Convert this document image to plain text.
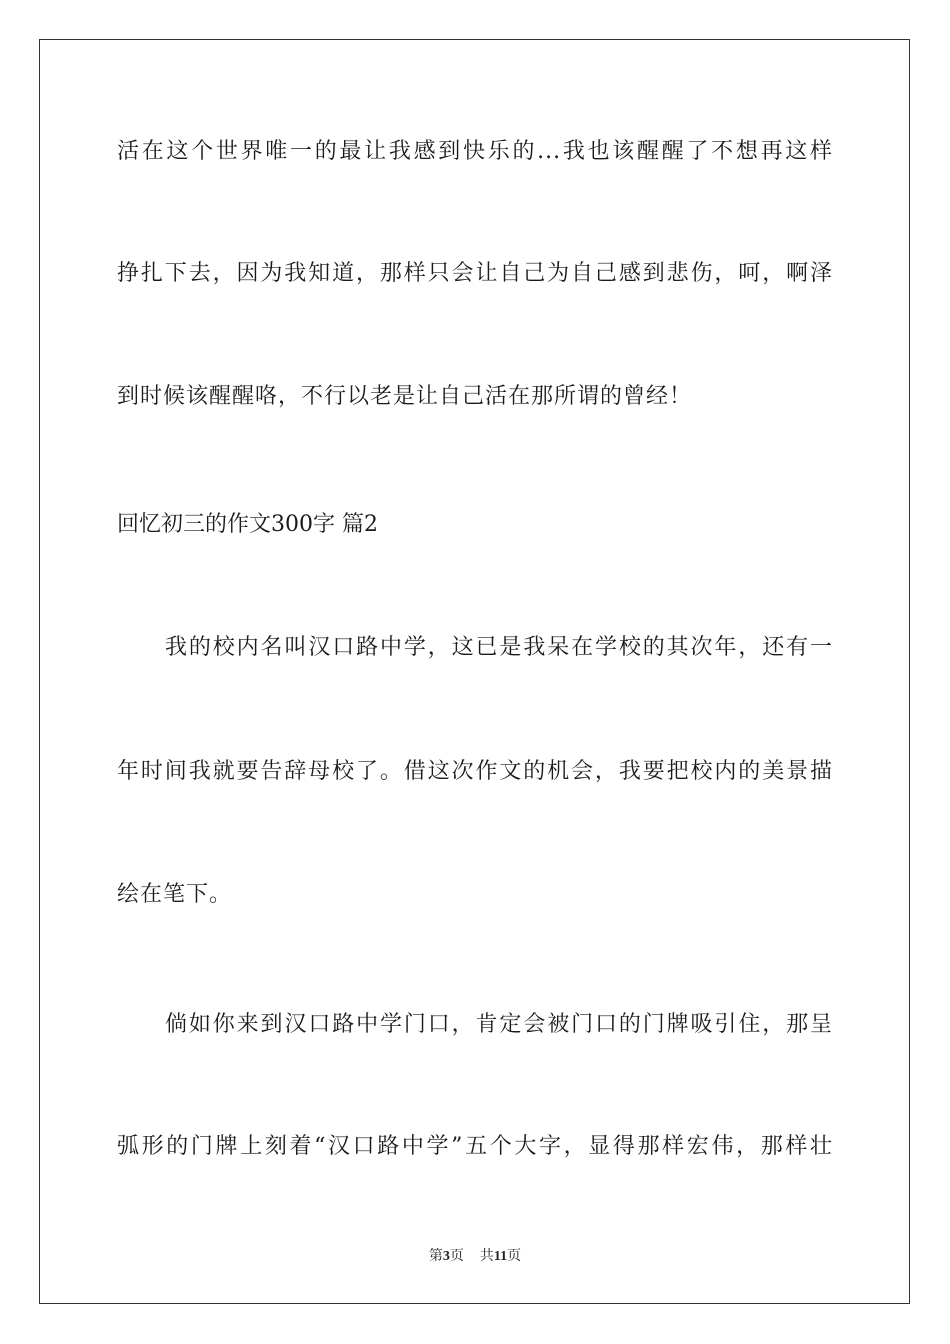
活在这个世界唯一的最让我感到快乐的...我也该醒醒了不想再这样
挣扎下去，因为我知道，那样只会让自己为自己感到悲伤，呵，啊泽
到时候该醒醒咯，不行以老是让自己活在那所谓的曾经！
回忆初三的作文300字 篇2
我的校内名叫汉口路中学，这已是我呆在学校的其次年，还有一
年时间我就要告辞母校了。借这次作文的机会，我要把校内的美景描
绘在笔下。
倘如你来到汉口路中学门口，肯定会被门口的门牌吸引住，那呈
弧形的门牌上刻着“汉口路中学”五个大字，显得那样宏伟，那样壮
第3页 共11页
